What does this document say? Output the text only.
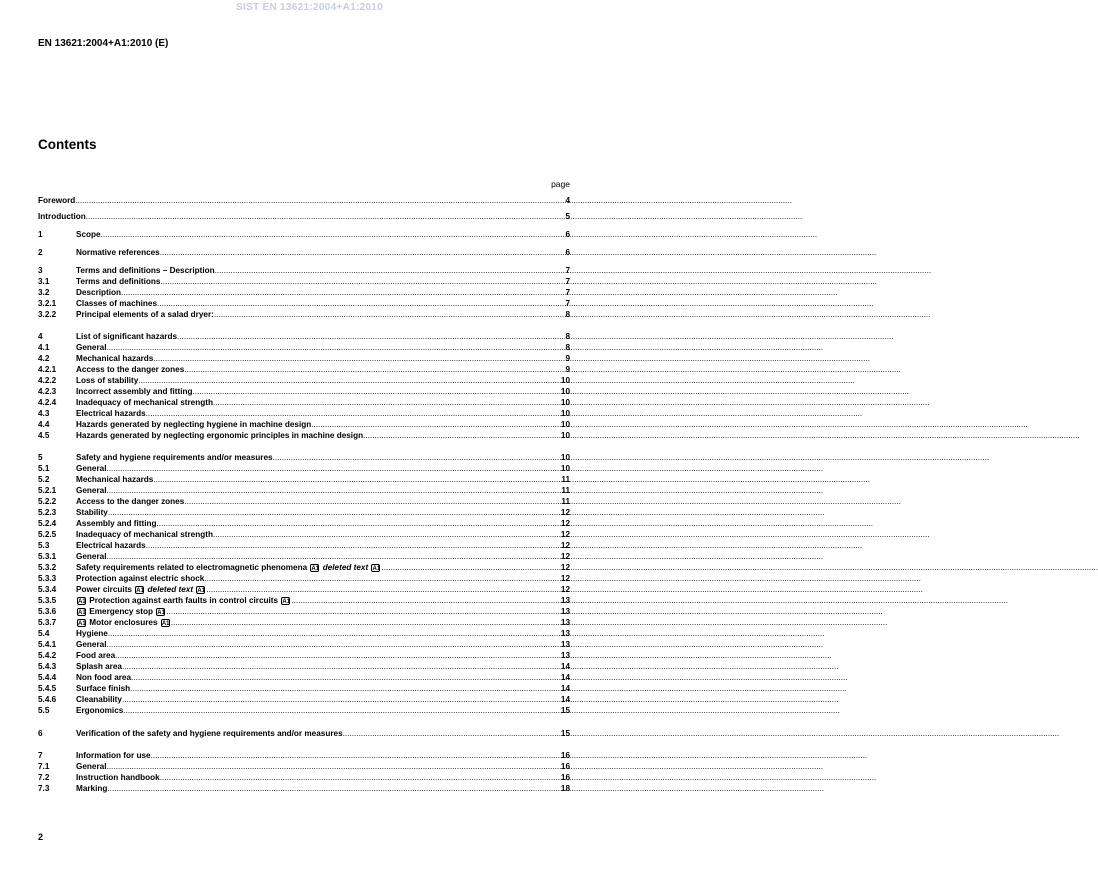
SIST EN 13621:2004+A1:2010
EN 13621:2004+A1:2010 (E)
Contents
page
Foreword .....	4
Introduction .....	5
1	Scope .....	6
2	Normative references .....	6
3	Terms and definitions – Description .....	7
3.1	Terms and definitions .....	7
3.2	Description .....	7
3.2.1	Classes of machines .....	7
3.2.2	Principal elements of a salad dryer: .....	8
4	List of significant hazards .....	8
4.1	General .....	8
4.2	Mechanical hazards .....	9
4.2.1	Access to the danger zones .....	9
4.2.2	Loss of stability .....	10
4.2.3	Incorrect assembly and fitting .....	10
4.2.4	Inadequacy of mechanical strength .....	10
4.3	Electrical hazards .....	10
4.4	Hazards generated by neglecting hygiene in machine design .....	10
4.5	Hazards generated by neglecting ergonomic principles in machine design .....	10
5	Safety and hygiene requirements and/or measures .....	10
5.1	General .....	10
5.2	Mechanical hazards .....	11
5.2.1	General .....	11
5.2.2	Access to the danger zones .....	11
5.2.3	Stability .....	12
5.2.4	Assembly and fitting .....	12
5.2.5	Inadequacy of mechanical strength .....	12
5.3	Electrical hazards .....	12
5.3.1	General .....	12
5.3.2	Safety requirements related to electromagnetic phenomena A1 deleted text A1 .....	12
5.3.3	Protection against electric shock .....	12
5.3.4	Power circuits A1 deleted text A1 .....	12
5.3.5	A1 Protection against earth faults in control circuits A1 .....	13
5.3.6	A1 Emergency stop A1 .....	13
5.3.7	A1 Motor enclosures A1 .....	13
5.4	Hygiene .....	13
5.4.1	General .....	13
5.4.2	Food area .....	13
5.4.3	Splash area .....	14
5.4.4	Non food area .....	14
5.4.5	Surface finish .....	14
5.4.6	Cleanability .....	14
5.5	Ergonomics .....	15
6	Verification of the safety and hygiene requirements and/or measures .....	15
7	Information for use .....	16
7.1	General .....	16
7.2	Instruction handbook .....	16
7.3	Marking .....	18
2
